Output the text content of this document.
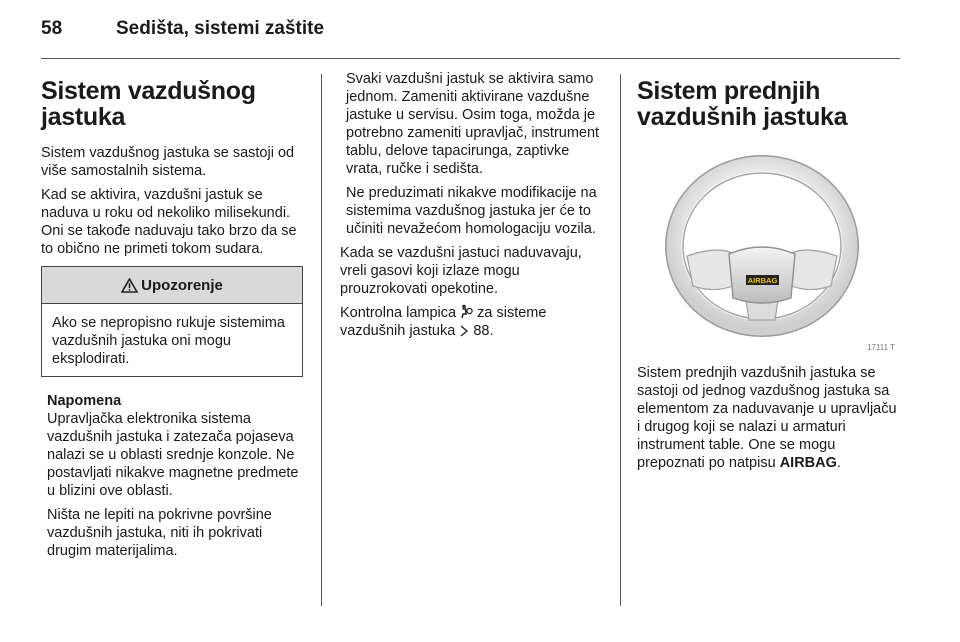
58	Sedišta, sistemi zaštite
Sistem vazdušnog jastuka

Sistem vazdušnog jastuka se sastoji od više samostalnih sistema.

Kad se aktivira, vazdušni jastuk se naduva u roku od nekoliko milisekundi. Oni se takođe naduvaju tako brzo da se to obično ne primeti tokom sudara.

Upozorenje

Ako se nepropisno rukuje sistemima vazdušnih jastuka oni mogu eksplodirati.

Napomena

Upravljačka elektronika sistema vazdušnih jastuka i zatezača pojaseva nalazi se u oblasti srednje konzole. Ne postavljati nikakve magnetne predmete u blizini ove oblasti.

Ništa ne lepiti na pokrivne površine vazdušnih jastuka, niti ih pokrivati drugim materijalima.

Svaki vazdušni jastuk se aktivira samo jednom. Zameniti aktivirane vazdušne jastuke u servisu. Osim toga, možda je potrebno zameniti upravljač, instrument tablu, delove tapacirunga, zaptivke vrata, ručke i sedišta.

Ne preduzimati nikakve modifikacije na sistemima vazdušnog jastuka jer će to učiniti nevažećom homologaciju vozila.

Kada se vazdušni jastuci naduvavaju, vreli gasovi koji izlaze mogu prouzrokovati opekotine.

Kontrolna lampica za sisteme vazdušnih jastuka 88.

Sistem prednjih vazdušnih jastuka
AIRBAG
17111 T

Sistem prednjih vazdušnih jastuka se sastoji od jednog vazdušnog jastuka sa elementom za naduvavanje u upravljaču i drugog koji se nalazi u armaturi instrument table. One se mogu prepoznati po natpisu AIRBAG.
